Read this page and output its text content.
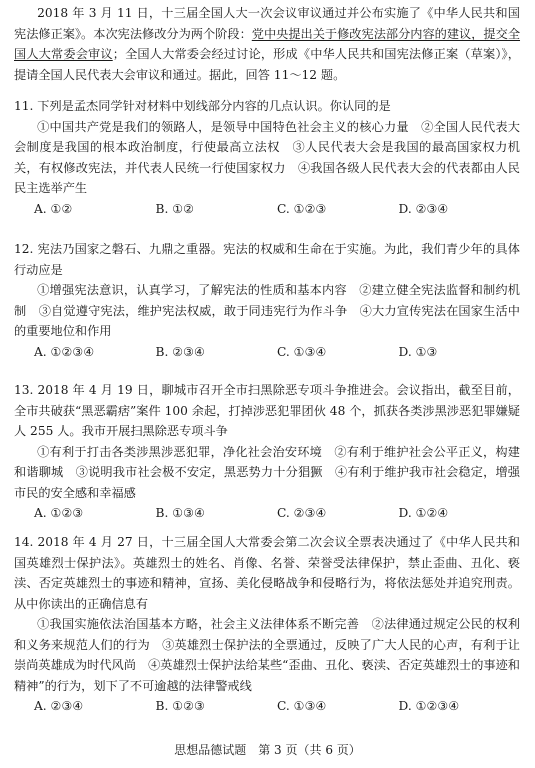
2018 年 3 月 11 日，十三届全国人大一次会议审议通过并公布实施了《中华人民共和国宪法修正案》。本次宪法修改分为两个阶段：党中央提出关于修改宪法部分内容的建议，提交全国人大常委会审议；全国人大常委会经过讨论，形成《中华人民共和国宪法修正案（草案）》，提请全国人民代表大会审议和通过。据此，回答 11～12 题。

11. 下列是孟杰同学针对材料中划线部分内容的几点认识。你认同的是

①中国共产党是我们的领路人，是领导中国特色社会主义的核心力量　②全国人民代表大会制度是我国的根本政治制度，行使最高立法权　③人民代表大会是我国的最高国家权力机关，有权修改宪法，并代表人民统一行使国家权力　④我国各级人民代表大会的代表都由人民民主选举产生

A. ①②	B. ①②	C. ①②③	D. ②③④

12. 宪法乃国家之磐石、九鼎之重器。宪法的权威和生命在于实施。为此，我们青少年的具体行动应是

①增强宪法意识，认真学习，了解宪法的性质和基本内容　②建立健全宪法监督和制约机制　③自觉遵守宪法，维护宪法权威，敢于同违宪行为作斗争　④大力宣传宪法在国家生活中的重要地位和作用

A. ①②③④	B. ②③④	C. ①③④	D. ①③

13. 2018 年 4 月 19 日，聊城市召开全市扫黑除恶专项斗争推进会。会议指出，截至目前，全市共破获“黑恶霸痞”案件 100 余起，打掉涉恶犯罪团伙 48 个，抓获各类涉黑涉恶犯罪嫌疑人 255 人。我市开展扫黑除恶专项斗争

①有利于打击各类涉黑涉恶犯罪，净化社会治安环境　②有利于维护社会公平正义，构建和谐聊城　③说明我市社会极不安定，黑恶势力十分猖獗　④有利于维护我市社会稳定，增强市民的安全感和幸福感

A. ①②③	B. ①③④	C. ②③④	D. ①②④

14. 2018 年 4 月 27 日，十三届全国人大常委会第二次会议全票表决通过了《中华人民共和国英雄烈士保护法》。英雄烈士的姓名、肖像、名誉、荣誉受法律保护，禁止歪曲、丑化、亵渎、否定英雄烈士的事迹和精神，宣扬、美化侵略战争和侵略行为，将依法惩处并追究刑责。从中你读出的正确信息有

①我国实施依法治国基本方略，社会主义法律体系不断完善　②法律通过规定公民的权利和义务来规范人们的行为　③英雄烈士保护法的全票通过，反映了广大人民的心声，有利于让崇尚英雄成为时代风尚　④英雄烈士保护法给某些“歪曲、丑化、亵渎、否定英雄烈士的事迹和精神”的行为，划下了不可逾越的法律警戒线

A. ②③④	B. ①②③	C. ①③④	D. ①②③④
思想品德试题　第 3 页（共 6 页）
